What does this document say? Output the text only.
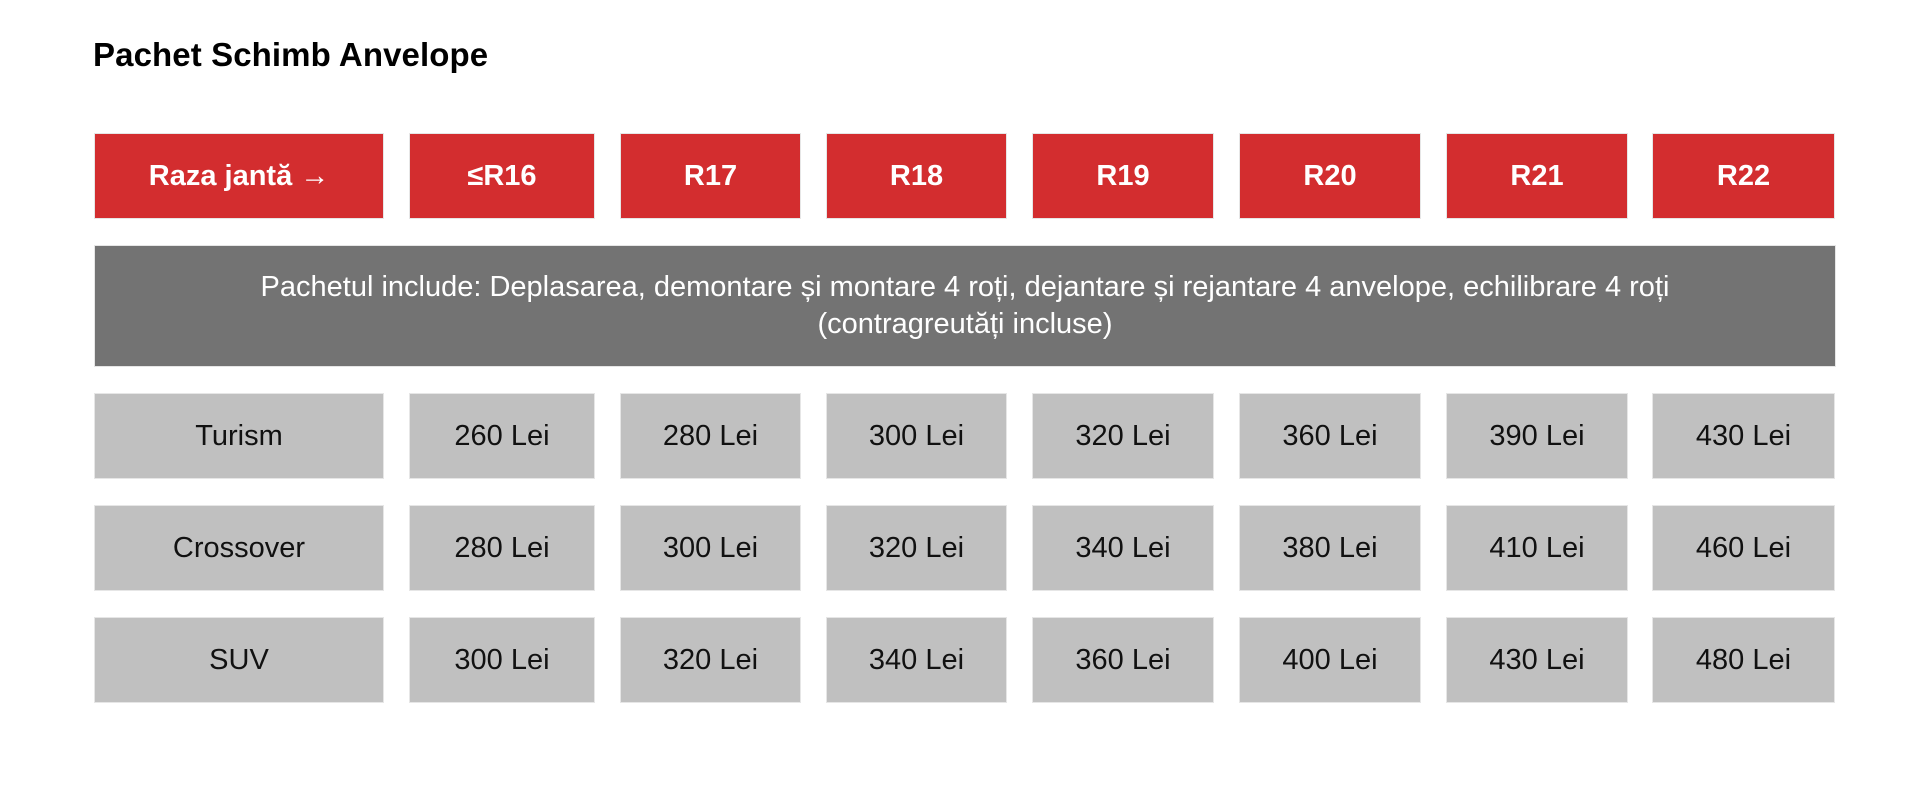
Pachet Schimb Anvelope
Raza jantă →	≤R16	R17	R18	R19	R20	R21	R22
Pachetul include: Deplasarea, demontare și montare 4 roți, dejantare și rejantare 4 anvelope, echilibrare 4 roți (contragreutăți incluse)
Turism	260 Lei	280 Lei	300 Lei	320 Lei	360 Lei	390 Lei	430 Lei
Crossover	280 Lei	300 Lei	320 Lei	340 Lei	380 Lei	410 Lei	460 Lei
SUV	300 Lei	320 Lei	340 Lei	360 Lei	400 Lei	430 Lei	480 Lei
